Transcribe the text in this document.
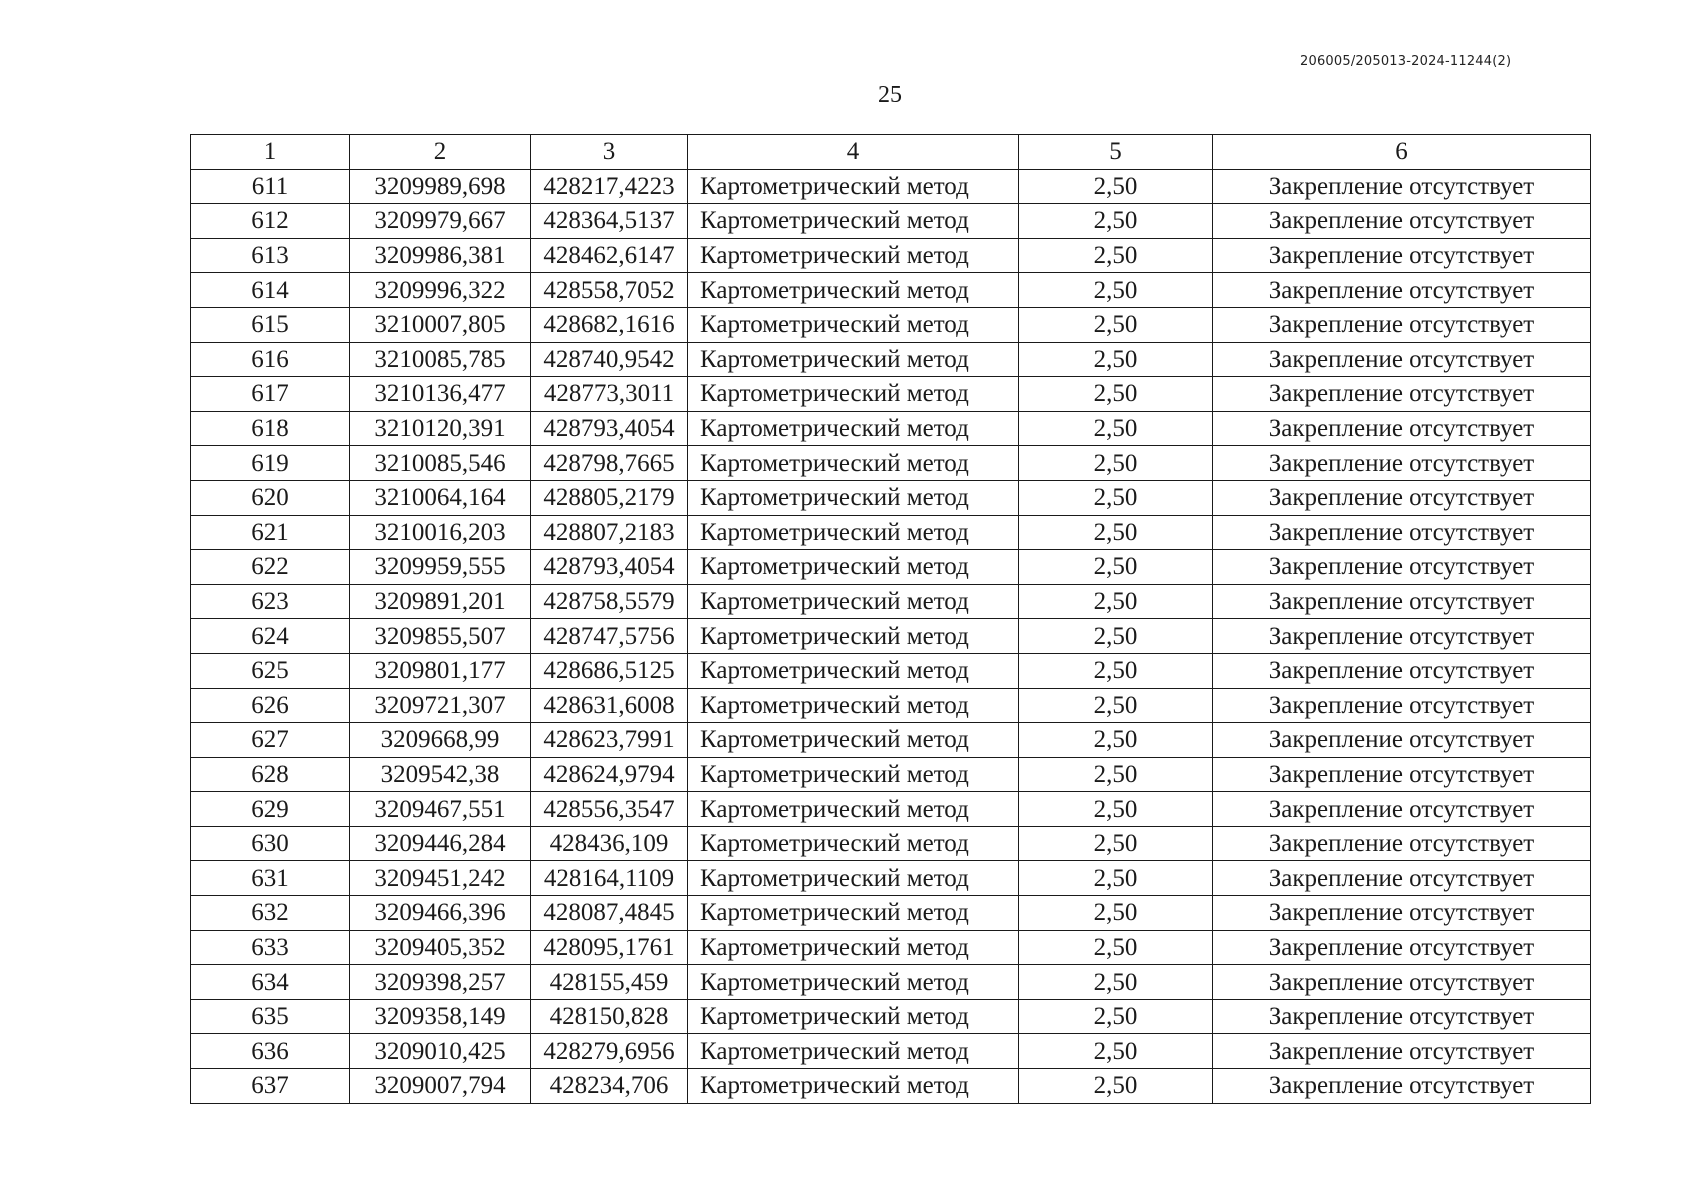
206005/205013-2024-11244(2)
25
1	2	3	4	5	6
611	3209989,698	428217,4223	Картометрический метод	2,50	Закрепление отсутствует
612	3209979,667	428364,5137	Картометрический метод	2,50	Закрепление отсутствует
613	3209986,381	428462,6147	Картометрический метод	2,50	Закрепление отсутствует
614	3209996,322	428558,7052	Картометрический метод	2,50	Закрепление отсутствует
615	3210007,805	428682,1616	Картометрический метод	2,50	Закрепление отсутствует
616	3210085,785	428740,9542	Картометрический метод	2,50	Закрепление отсутствует
617	3210136,477	428773,3011	Картометрический метод	2,50	Закрепление отсутствует
618	3210120,391	428793,4054	Картометрический метод	2,50	Закрепление отсутствует
619	3210085,546	428798,7665	Картометрический метод	2,50	Закрепление отсутствует
620	3210064,164	428805,2179	Картометрический метод	2,50	Закрепление отсутствует
621	3210016,203	428807,2183	Картометрический метод	2,50	Закрепление отсутствует
622	3209959,555	428793,4054	Картометрический метод	2,50	Закрепление отсутствует
623	3209891,201	428758,5579	Картометрический метод	2,50	Закрепление отсутствует
624	3209855,507	428747,5756	Картометрический метод	2,50	Закрепление отсутствует
625	3209801,177	428686,5125	Картометрический метод	2,50	Закрепление отсутствует
626	3209721,307	428631,6008	Картометрический метод	2,50	Закрепление отсутствует
627	3209668,99	428623,7991	Картометрический метод	2,50	Закрепление отсутствует
628	3209542,38	428624,9794	Картометрический метод	2,50	Закрепление отсутствует
629	3209467,551	428556,3547	Картометрический метод	2,50	Закрепление отсутствует
630	3209446,284	428436,109	Картометрический метод	2,50	Закрепление отсутствует
631	3209451,242	428164,1109	Картометрический метод	2,50	Закрепление отсутствует
632	3209466,396	428087,4845	Картометрический метод	2,50	Закрепление отсутствует
633	3209405,352	428095,1761	Картометрический метод	2,50	Закрепление отсутствует
634	3209398,257	428155,459	Картометрический метод	2,50	Закрепление отсутствует
635	3209358,149	428150,828	Картометрический метод	2,50	Закрепление отсутствует
636	3209010,425	428279,6956	Картометрический метод	2,50	Закрепление отсутствует
637	3209007,794	428234,706	Картометрический метод	2,50	Закрепление отсутствует
